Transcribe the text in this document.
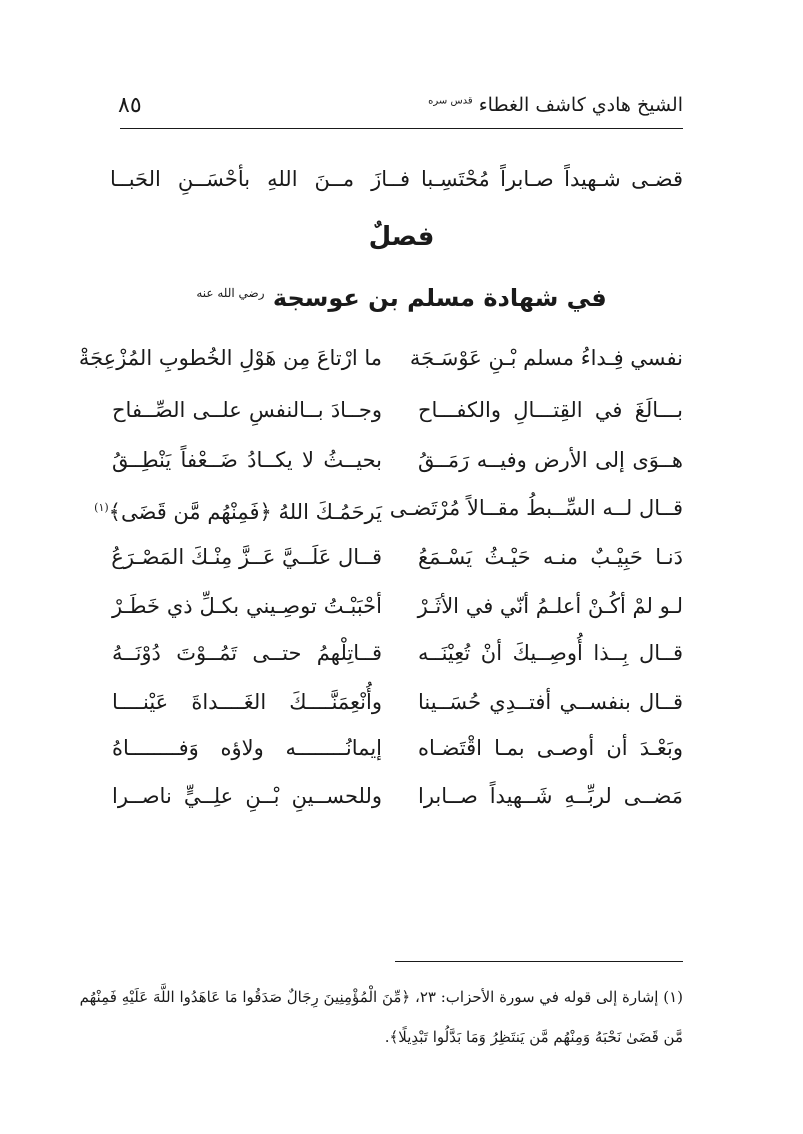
الشيخ هادي كاشف الغطاء $^{قدس سره}$
٨٥
قضـى شـهيداً صـابراً مُحْتَسِـبا
فــازَ مــنَ اللهِ بأحْسَــنِ الحَبــا
فصلٌ
في شهادة مسلم بن عوسجة $^{رضي الله عنه}$
نفسي فِـداءُ مسلم بْـنِ عَوْسَـجَة
ما ارْتاعَ مِن هَوْلِ الخُطوبِ المُزْعِجَةْ
بـــالَغَ في القِتـــالِ والكفـــاح
وجــادَ بــالنفسِ علــى الصِّــفاح
هــوَى إلى الأرض وفيــه رَمَــقُ
بحيــثُ لا يكــادُ ضَــعْفاً يَنْطِــقُ
قــال لــه السِّــبطُ مقــالاً مُرْتَضـى
يَرحَمُـكَ اللهُ ﴿فَمِنْهُم مَّن قَضَى﴾$^{(١)}$
دَنـا حَبِيْـبٌ منـه حَيْـثُ يَسْـمَعُ
قــال عَلَــيَّ عَــزَّ مِنْـكَ المَصْـرَعُ
لـو لمْ أكُـنْ أعلـمُ أنّي في الأثَـرْ
أحْبَبْـتُ توصِـيني بكـلِّ ذي خَطَـرْ
قــال بِــذا أُوصِــيكَ أنْ تُعِيْنَــه
قــاتِلْهمُ حتــى تَمُــوْتَ دُوْنَــهُ
قــال بنفســي أفتــدِي حُسَــينا
وأُنْعِمَنَّــــكَ الغَــــداةَ عَيْنــــا
وبَعْـدَ أن أوصـى بمـا اقْتَضـاه
إيمانُــــــــه ولاؤه وَفــــــــاهُ
مَضــى لربِّــهِ شَــهيداً صــابرا
وللحســينِ بْــنِ علِــيٍّ ناصــرا
(١) إشارة إلى قوله في سورة الأحزاب: ٢٣، ﴿مِّنَ الْمُؤْمِنِينَ رِجَالٌ صَدَقُوا مَا عَاهَدُوا اللَّهَ عَلَيْهِ فَمِنْهُم
مَّن قَضَىٰ نَحْبَهُ وَمِنْهُم مَّن يَنتَظِرُ وَمَا بَدَّلُوا تَبْدِيلًا﴾.
